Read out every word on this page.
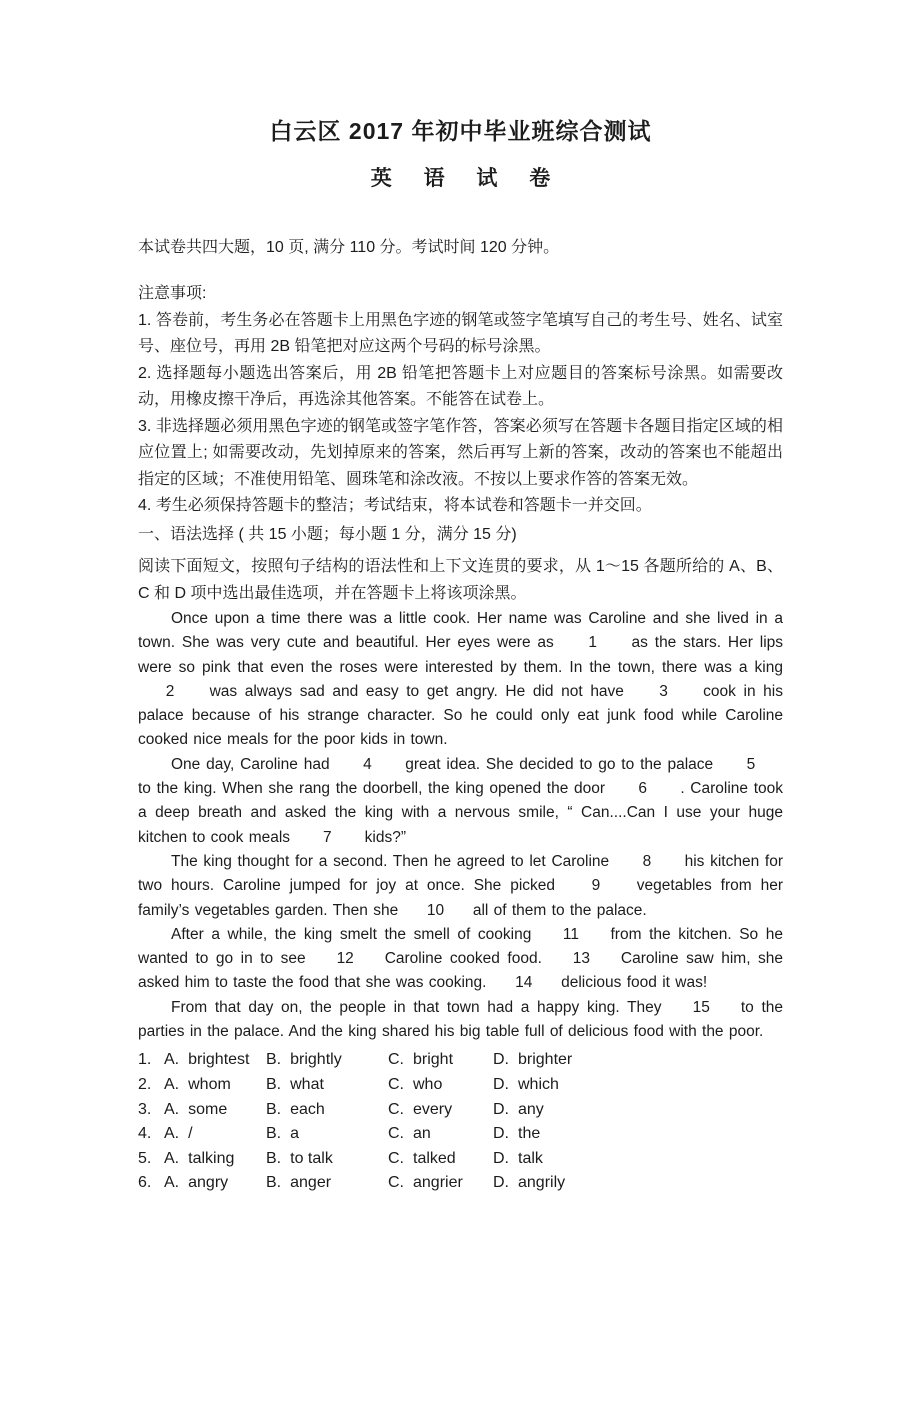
白云区 2017 年初中毕业班综合测试
英 语 试 卷
本试卷共四大题，10 页, 满分 110 分。考试时间 120 分钟。
注意事项:
1. 答卷前，考生务必在答题卡上用黑色字迹的钢笔或签字笔填写自己的考生号、姓名、试室号、座位号，再用 2B 铅笔把对应这两个号码的标号涂黑。
2. 选择题每小题选出答案后，用 2B 铅笔把答题卡上对应题目的答案标号涂黑。如需要改动，用橡皮擦干净后，再选涂其他答案。不能答在试卷上。
3. 非选择题必须用黑色字迹的钢笔或签字笔作答，答案必须写在答题卡各题目指定区域的相应位置上; 如需要改动，先划掉原来的答案，然后再写上新的答案，改动的答案也不能超出指定的区域；不准使用铅笔、圆珠笔和涂改液。不按以上要求作答的答案无效。
4. 考生必须保持答题卡的整洁；考试结束，将本试卷和答题卡一并交回。
一、语法选择 ( 共 15 小题；每小题 1 分，满分 15 分)
阅读下面短文，按照句子结构的语法性和上下文连贯的要求，从 1～15 各题所给的 A、B、C 和 D 项中选出最佳选项，并在答题卡上将该项涂黑。

Once upon a time there was a little cook. Her name was Caroline and she lived in a town. She was very cute and beautiful. Her eyes were as 1 as the stars. Her lips were so pink that even the roses were interested by them. In the town, there was a king 2 was always sad and easy to get angry. He did not have 3 cook in his palace because of his strange character. So he could only eat junk food while Caroline cooked nice meals for the poor kids in town.

One day, Caroline had 4 great idea. She decided to go to the palace 5 to the king. When she rang the doorbell, the king opened the door 6 . Caroline took a deep breath and asked the king with a nervous smile, “ Can....Can I use your huge kitchen to cook meals 7 kids?”

The king thought for a second. Then he agreed to let Caroline 8 his kitchen for two hours. Caroline jumped for joy at once. She picked 9 vegetables from her family’s vegetables garden. Then she 10 all of them to the palace.

After a while, the king smelt the smell of cooking 11 from the kitchen. So he wanted to go in to see 12 Caroline cooked food. 13 Caroline saw him, she asked him to taste the food that she was cooking. 14 delicious food it was!

From that day on, the people in that town had a happy king. They 15 to the parties in the palace. And the king shared his big table full of delicious food with the poor.

1. A. brightest	B. brightly	C. bright	D. brighter
2. A. whom	B. what	C. who	D. which
3. A. some	B. each	C. every	D. any
4. A. /	B. a	C. an	D. the
5. A. talking	B. to talk	C. talked	D. talk
6. A. angry	B. anger	C. angrier	D. angrily
